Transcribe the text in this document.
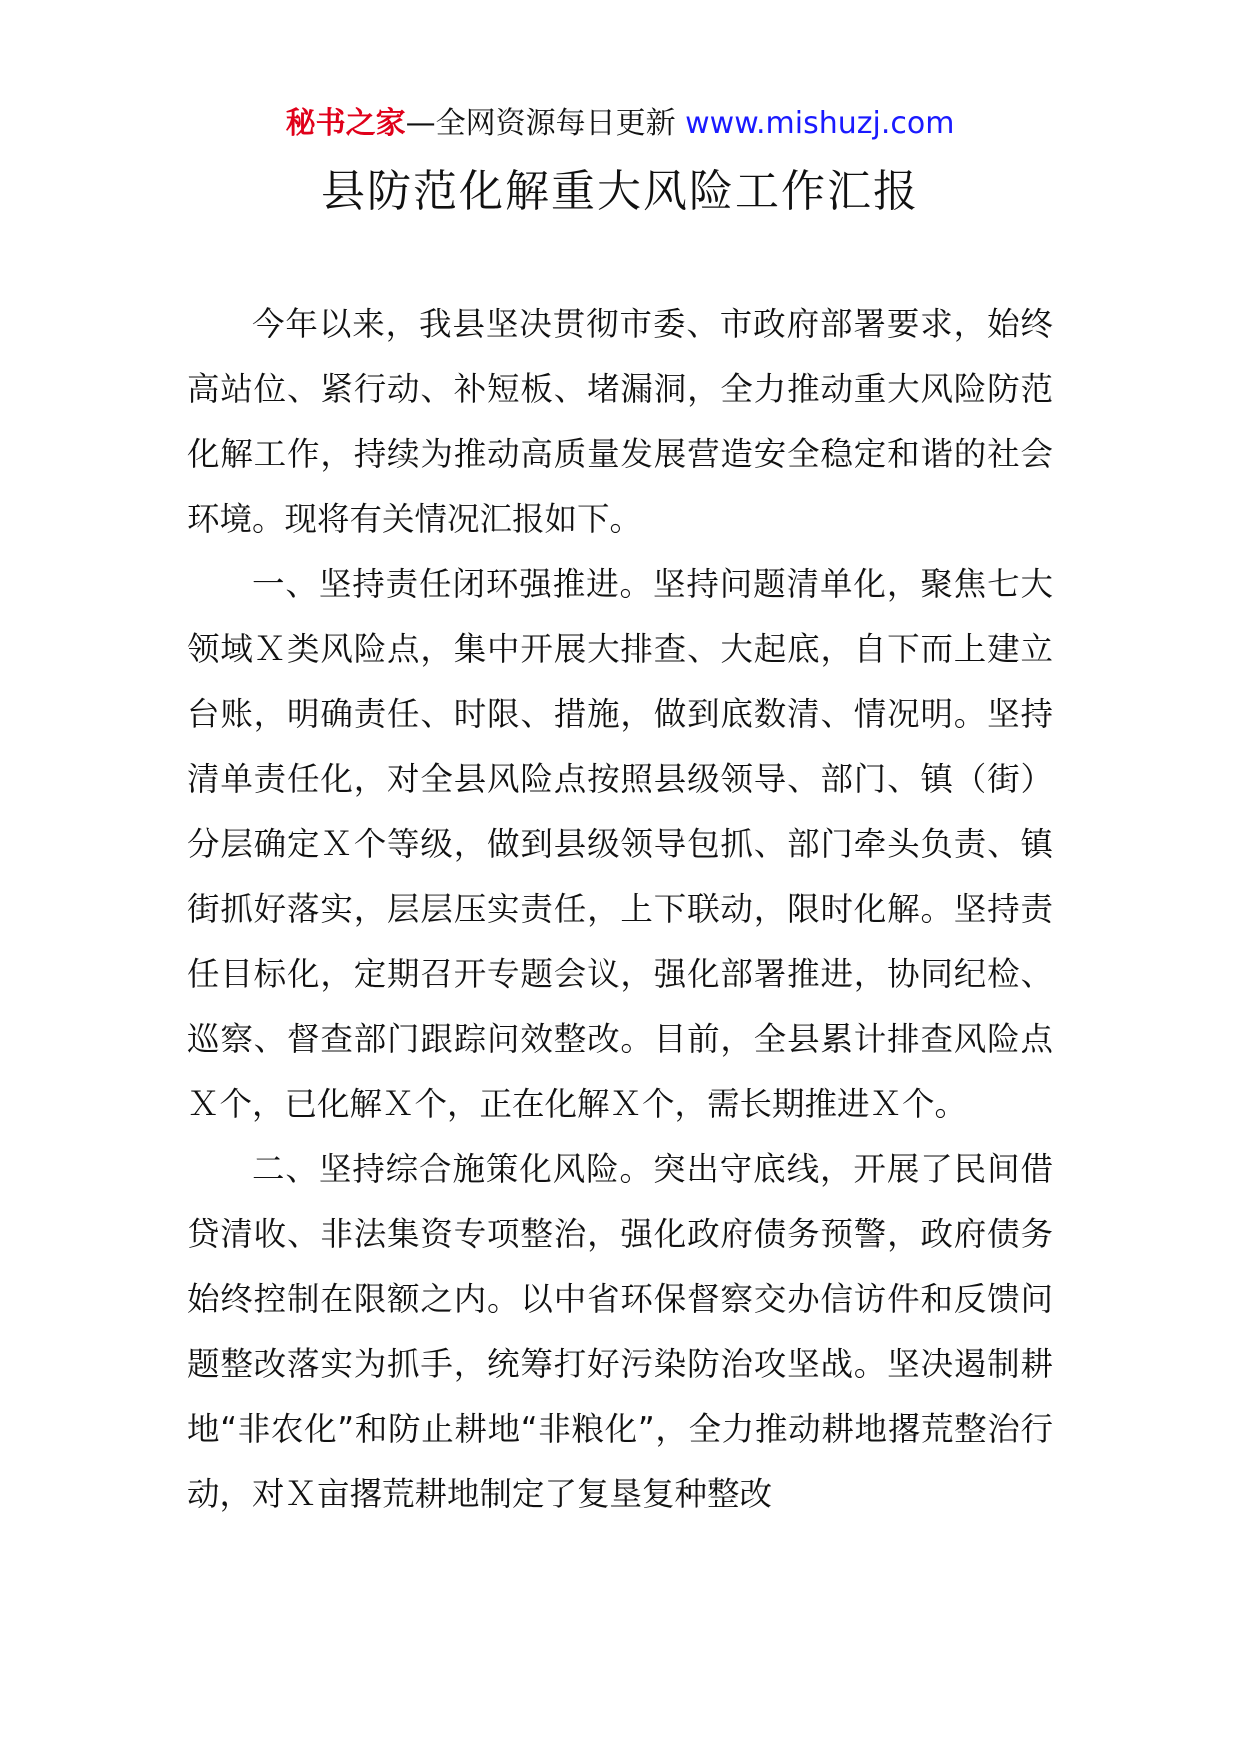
秘书之家—全网资源每日更新 www.mishuzj.com
县防范化解重大风险工作汇报

今年以来，我县坚决贯彻市委、市政府部署要求，始终高站位、紧行动、补短板、堵漏洞，全力推动重大风险防范化解工作，持续为推动高质量发展营造安全稳定和谐的社会环境。现将有关情况汇报如下。

一、坚持责任闭环强推进。坚持问题清单化，聚焦七大领域Ｘ类风险点，集中开展大排查、大起底，自下而上建立台账，明确责任、时限、措施，做到底数清、情况明。坚持清单责任化，对全县风险点按照县级领导、部门、镇（街）分层确定Ｘ个等级，做到县级领导包抓、部门牵头负责、镇街抓好落实，层层压实责任，上下联动，限时化解。坚持责任目标化，定期召开专题会议，强化部署推进，协同纪检、巡察、督查部门跟踪问效整改。目前，全县累计排查风险点Ｘ个，已化解Ｘ个，正在化解Ｘ个，需长期推进Ｘ个。

二、坚持综合施策化风险。突出守底线，开展了民间借贷清收、非法集资专项整治，强化政府债务预警，政府债务始终控制在限额之内。以中省环保督察交办信访件和反馈问题整改落实为抓手，统筹打好污染防治攻坚战。坚决遏制耕地“非农化”和防止耕地“非粮化”，全力推动耕地撂荒整治行动，对Ｘ亩撂荒耕地制定了复垦复种整改
